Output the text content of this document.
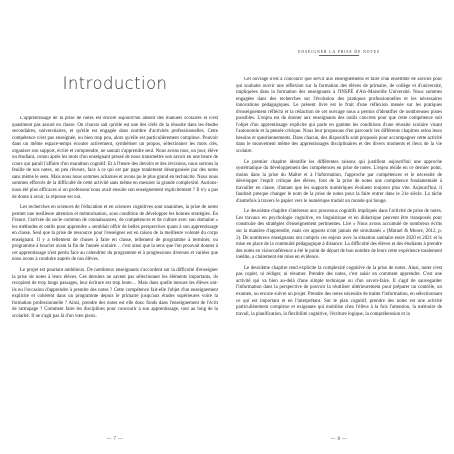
Introduction

L'apprentissage de la prise de notes est encore aujourd'hui absent des manuels scolaires et n'est quasiment pas assuré en classe. On chacun sait qu'elle est une des clefs de la réussite dans les études secondaires, universitaires, et qu'elle est engagée dans nombre d'activités professionnelles. Cette compétence n'est pas enseignée, ou bien trop peu, alors qu'elle est particulièrement complexe. Pouvoir dans un même espace-temps écouter activement, synthétiser un propos, sélectionner les mots clés, organiser son support, écrire et comprendre, ne saurait s'apprendre seul. Nous avons tous, un jour, élève ou étudiant, connu après les mots d'un enseignant pressé de nous transmettre son savoir en une heure de cours qui paraît l'affaire d'un marathon cognitif. Et à l'heure des devoirs et des révisions, nous sortons la feuille de nos notes, un peu rêveurs, face à ce qui est par page totalement désorganisée par des notes sans même le sens. Mais nous nous sommes acharnés et avons pu le plus grand en technicité. Nous nous sommes efforcés de la difficulté de cette activité sans même en mesurer la grande complexité. Aurions-nous été plus efficaces si on professeur nous avait ensuite son enseignement explicitement ? Il n'y a pas de doute à avoir, la réponse est oui.

Les recherches en sciences de l'éducation et en sciences cognitives sont unanimes, la prise de notes permet une meilleure attention et mémorisation, sous condition de développer les bonnes stratégies. En France, l'arrivée du socle commun de connaissances, de compétences et de culture avec son domaine « les méthodes et outils pour apprendre » semblait offrir de belles perspectives quant à son apprentissage en classe. Seul que la prise de ressource pour l'enseigner est en raison de la meilleure volonté du corps enseignant. Il y a tellement de choses à faire en classe, tellement de programme à terminer, ou programme à boucler avant la fin de l'année scolaire… c'est ainsi que la sens que l'on prouvait donner à cet apprentissage n'est perdu face au calendrier du programme et à progressions diverses et variées que nous avons à conduire auprès de nos élèves.

Le projet est pourtant ambitieux. De nombreux enseignants s'accordent sur la difficulté d'enseigner la prise de notes à leurs élèves. Ces derniers ne savent pas sélectionner les éléments importants, ils recopient de trop longs passages, leur écriture est trop lente… Mais dans quelle mesure les élèves ont-ils eu l'occasion d'apprendre à prendre des notes ? Cette compétence fait-elle l'objet d'un enseignement explicite et cohérent dans un programme depuis le primaire jusqu'aux études supérieures voire la formation professionnelle ? Ainsi, prendre des notes est elle donc fonds dans l'enseignement de l'écrit de rattrapage ? Comment faire les disciplines pour concourir à son apprentissage, tout au long de la scolarité. Il ne s'agit pas là d'un vœu pieux.

— 7 —
ENSEIGNER LA PRISE DE NOTES

Cet ouvrage n'est à concourir que servir aux enseignements et faire d'un ensemble de savoirs pour qui souhaite ouvrir une réflexion sur la formation des élèves de primaire, de collège et d'université, impliquées dans la formation des enseignants à l'INSPÉ d'Aix-Marseille Université. Nous sommes engagées dans des recherches sur l'évolution des pratiques professionnelles et les nécessaires innovations pédagogiques. Le présent livre est le fruit d'une réflexion menée sur les pratiques d'enseignement réfléchi et la rédaction de cet ouvrage nous a permis d'identifier de nombreuses pistes possibles. L'enjeu est de donner aux enseignants des outils concrets pour que cette compétence soit l'objet d'un apprentissage explicite qui parle en gamme les conditions d'une réussite scolaire visant l'autonomie et la pensée critique. Nous leur proposons d'en parcourir les différents chapitres selon leurs besoins et questionnements. Dans chacun, des dispositifs sont proposés pour accompagner cette activité dans le mouvement même des apprentissages disciplinaires et des divers moments et lieux de la vie scolaire.

Le premier chapitre identifie les différentes raisons qui justifient aujourd'hui une approche systématique du développement des compétences en prise de notes. L'enjeu réside en ce dernier point, moins dans la prise du Maître et à l'information, l'approche par compétences et le nécessité de développer l'esprit critique des élèves, font de la prise de notes une compétence fondamentale à travailler en classe, d'autant que les supports numériques évoluent toujours plus vite. Aujourd'hui, il faudrait presque changer le nom de la prise de notes pour la faire entrer dans le 21e siècle. La tâche d'autrefois à travers le papier vers le numérique traduit un monde qui bouge.

Le deuxième chapitre s'intéresse aux processus cognitifs impliqués dans l'activité de prise de notes. Les travaux en psychologie cognitive, en linguistique et en didactique peuvent être transposés pour construire des stratégies d'enseignement pertinentes. Lire « Nous avons accumulé de nombreux écrits sur la manière d'apprendre, mais ces apports n'ont jamais été simultanés » (Mutuel & Moore, 2012, p. 3). De nombreux enseignants ont compris ces enjeux avec la situation sanitaire entre 2020 et 2021 et la mise en place de la continuité pédagogique à distance. La difficulté des élèves et des étudiants à prendre des notes en visioconférence a été le point de départ de bon nombre de leurs cette expérience totalement inédite, a clairement été mise en évidence.

Le deuxième chapitre rend explicite la complexité cognitive de la prise de notes. Ainsi, noter n'est pas copier, ni rédiger, ni résumer. Prendre des notes, c'est saisir en comment apprendre. C'est une activité qui va bien au-delà d'une simple technique ou d'un savoir-faire. Il s'agit de sauvegarder l'information dans la perspective de pouvoir la réutiliser ultérieurement pour préparer un contrôle, un examen, ou encore suivre un projet. Prendre des notes nécessite de traiter l'information, en sélectionnant ce qui est important et en l'interprétant. Sur le plan cognitif, prendre des notes est une activité particulièrement complexe et exigeante qui mobilise chez l'élève à la fois l'attention, la mémoire de travail, la planification, la flexibilité cognitive, l'écriture logique, la compréhension et la

— 8 —
